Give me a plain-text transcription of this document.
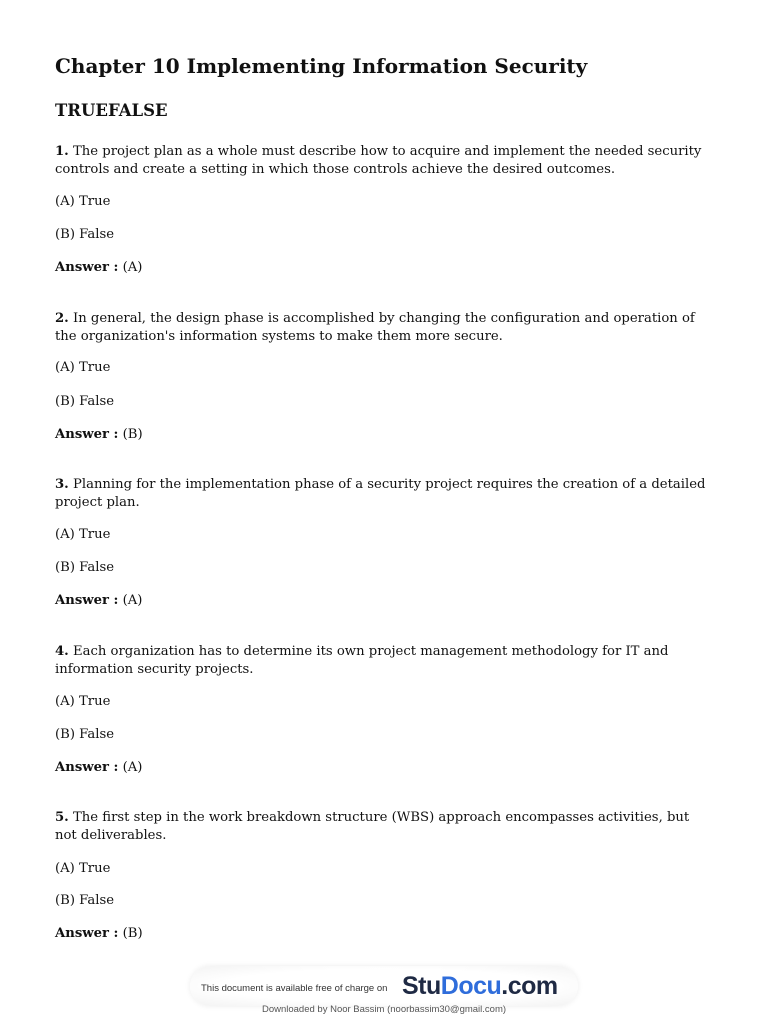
Chapter 10 Implementing Information Security
TRUEFALSE

1. The project plan as a whole must describe how to acquire and implement the needed security controls and create a setting in which those controls achieve the desired outcomes.

(A) True

(B) False

Answer : (A)

2. In general, the design phase is accomplished by changing the configuration and operation of the organization's information systems to make them more secure.

(A) True

(B) False

Answer : (B)

3. Planning for the implementation phase of a security project requires the creation of a detailed project plan.

(A) True

(B) False

Answer : (A)

4. Each organization has to determine its own project management methodology for IT and information security projects.

(A) True

(B) False

Answer : (A)

5. The first step in the work breakdown structure (WBS) approach encompasses activities, but not deliverables.

(A) True

(B) False

Answer : (B)

This document is available free of charge on StuDocu.com
Downloaded by Noor Bassim (noorbassim30@gmail.com)
